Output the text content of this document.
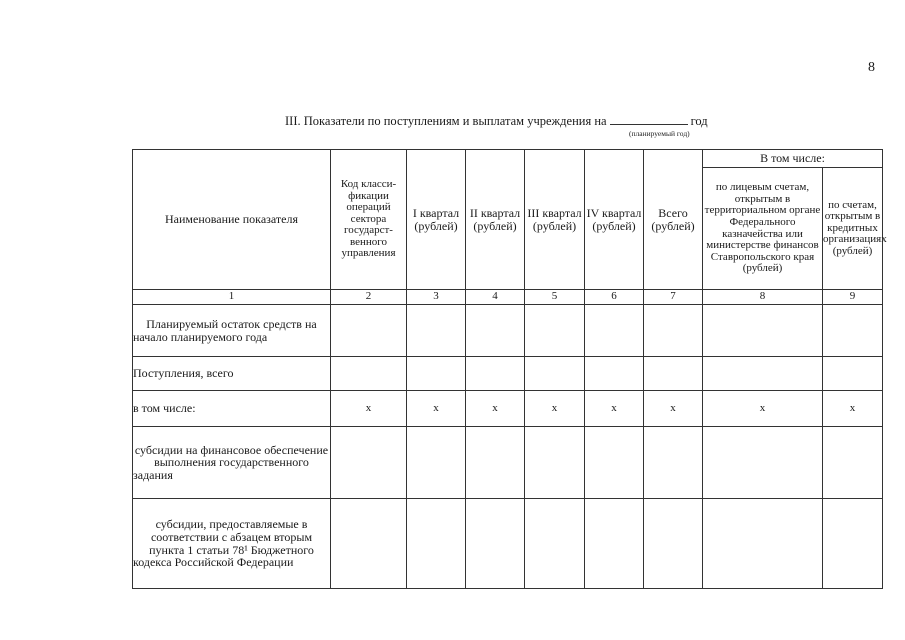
8
III. Показатели по поступлениям и выплатам учреждения на	год
(планируемый год)
Наименование показателя	Код класси-фикации операций сектора государст-венного управления	I квартал (рублей)	II квартал (рублей)	III квартал (рублей)	IV квартал (рублей)	Всего (рублей)	В том числе:	
							по лицевым счетам, открытым в территориальном органе Федерального казначейства или министерстве финансов Ставропольского края (рублей)	по счетам, открытым в кредитных организациях (рублей)
1	2	3	4	5	6	7	8	9
Планируемый остаток средств на начало планируемого года								
Поступления, всего								
в том числе:	x	x	x	x	x	x	x	x
субсидии на финансовое обеспечение выполнения государственного задания								
субсидии, предоставляемые в соответствии с абзацем вторым пункта 1 статьи 78¹ Бюджетного кодекса Российской Федерации								
